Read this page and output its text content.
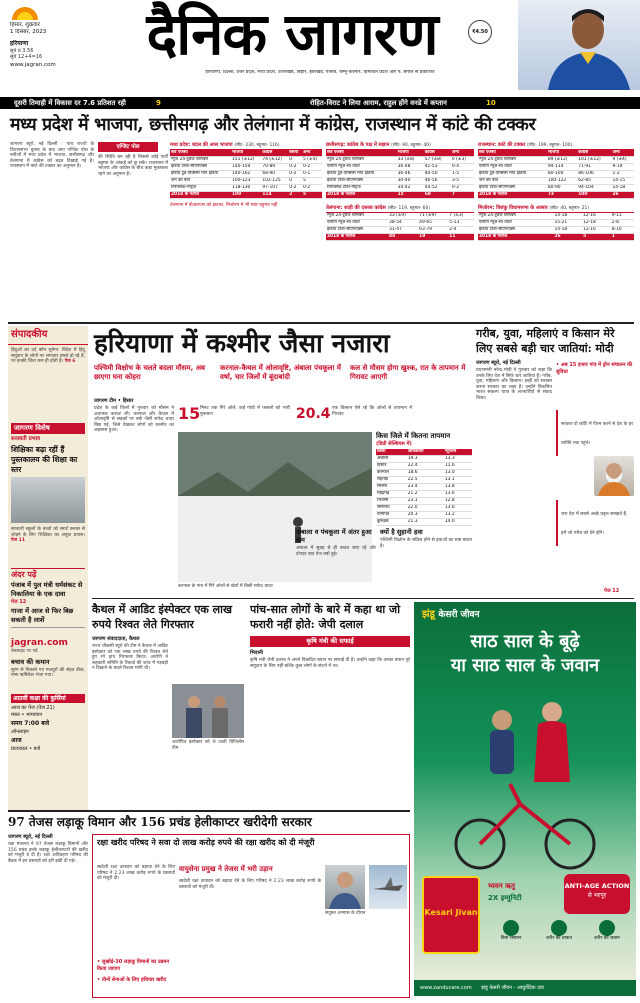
हिसार, शुक्रवार
1 दिसंबर, 2023
हरियाणा
सूर्य प्र 3.56
सूर्य 12+4=16
www.jagran.com	दैनिक जागरण
हरियाणा, दिल्ली, उत्तर प्रदेश, मध्य प्रदेश, उत्तराखंड, बिहार, झारखंड, पंजाब, जम्मू-कश्मीर, हिमाचल प्रदेश और प. बंगाल से प्रकाशित
₹4.50
दूसरी तिमाही में विकास दर 7.6 प्रतिशत रही	9	रोहित-विराट ने लिया आराम, राहुल होंगे वनडे में कप्तान	10
मध्य प्रदेश में भाजपा, छत्तीसगढ़ और तेलंगाना में कांग्रेस, राजस्थान में कांटे की टक्कर
जागरण ब्यूरो, नई दिल्ली : पांच राज्यों के विधानसभा चुनाव के बाद आए एग्जिट पोल के नतीजों में मध्य प्रदेश में भाजपा, छत्तीसगढ़ और तेलंगाना में कांग्रेस को बढ़त दिखाई गई है। राजस्थान में कांटे की टक्कर का अनुमान है।
एग्जिट पोल
की स्थिति बन रही है जिससे कोई पार्टी बहुमत के आंकड़े को छू सके। राजस्थान में भाजपा और कांग्रेस के बीच कड़ा मुकाबला रहने का अनुमान है।
मध्य प्रदेश: बदल की आस भाजपा (सीट- 230, बहुमत- 116)
सर्वे एजेंसी	भाजपा	कांग्रेस	बसपा	अन्य
न्यूज 24-टुडेज चाणक्य	151 (±12)	74 (±12)	0	5 (±4)
इंडिया टीवी-सीएनएक्स	140-159	70-89	0-2	0-2
इंडिया टुडे-एक्सिस माय इंडिया	140-162	68-90	0-2	0-1
जन की बात	100-123	102-125	0	5
रिपब्लिक-मैट्रिज	118-130	97-107	0-2	0-2
2018 के नतीजे	109	114	2	5
तेलंगाना में बीआरएस को झटका, मिजोरम में भी स्पष्ट बहुमत नहीं
छत्तीसगढ़: कांग्रेस के पक्ष में रुझान (सीट- 90, बहुमत- 46)
सर्वे एजेंसी	भाजपा	कांग्रेस	अन्य
न्यूज 24-टुडेज चाणक्य	33 (±8)	57 (±8)	0 (±3)
एबीपी न्यूज-सी वोटर	36-48	41-53	0-4
इंडिया टुडे-एक्सिस माय इंडिया	36-46	40-50	1-5
इंडिया टीवी-सीएनएक्स	30-40	46-56	3-5
रिपब्लिक टीवी-मैट्रिज	34-42	44-52	0-2
2018 के नतीजे	15	68	7
तेलंगाना: शाही की दस्तक कांग्रेस (सीट- 119, बहुमत- 60)
न्यूज 24-टुडेज चाणक्य	33 (±9)	71 (±9)	7 (±3)
एबीपी न्यूज-सी वोटर	38-54	49-65	5-13
इंडिया टीवी-सीएनएक्स	31-47	63-79	2-4
2018 के नतीजे	88	19	11
राजस्थान: कांटे की टक्कर (सीट- 199, बहुमत- 100)
सर्वे एजेंसी	भाजपा	कांग्रेस	अन्य
न्यूज 24-टुडेज चाणक्य	89 (±12)	101 (±12)	9 (±4)
एबीपी न्यूज-सी वोटर	94-114	71-91	9-19
इंडिया टुडे-एक्सिस माय इंडिया	80-100	86-106	1-2
जन की बात	100-122	62-85	14-15
इंडिया टीवी-सीएनएक्स	80-90	94-104	14-18
2018 के नतीजे	73	100	26
मिजोरम: त्रिशंकु विधानसभा के आसार (सीट- 40, बहुमत- 21)
न्यूज 24-टुडेज चाणक्य	14-18	12-16	9-11
एबीपी न्यूज-सी वोटर	15-21	12-18	2-8
इंडिया टीवी-सीएनएक्स	14-18	12-16	8-10
2018 के नतीजे	26	5	1
संपादकीय
हिंदुओं का दर्द कौन सुनेगा: विदेश में हिंदू समुदाय के लोगों पर लगातार हमले हो रहे हैं, पर इनकी चिंता कम ही होती है। पेज 6
जागरण विशेष
सरस्वती प्रभाव
शिक्षिका बढ़ा रहीं हैं पुस्तकालय की शिक्षा का स्तर
सरकारी स्कूलों के बच्चों को स्मार्ट क्लास से जोड़ने के लिए शिक्षिका का अनूठा प्रयास। पेज 11
अंदर पढ़ें
पंजाब में पुल मंत्री धर्मसंकट से निकालिया के एक दावा
पेज 12
गाजा में आज से फिर बिछ सकती है लाशें
jagran.com
वेबसाइट पर पढ़ें
बचाव की कमान
सुरंग से निकाले गए मजदूरों की सेहत ठीक, एम्स ऋषिकेश भेजा गया।
आठवीं कक्षा की कुर्सियां
आज का पेज (पेज 21)
मकर • भाग्यवान
समय 7:00 बजे
ऑनलाइन
आज
प्रातःकाल • बजे
हरियाणा में कश्मीर जैसा नजारा
पश्चिमी विक्षोभ के चलते बदला मौसम, अब छाएगा घना कोहरा
करनाल-कैथल में ओलावृष्टि, अंबाला पंचकूला में वर्षा, चार जिलों में बूंदाबांदी
कल से मौसम होगा खुश्क, रात के तापमान में गिरावट आएगी
जागरण टीम • हिसार
प्रदेश के कई जिलों में गुरुवार को मौसम ने अचानक करवट ली। करनाल और कैथल में ओलावृष्टि से सड़कों पर बर्फ जैसी सफेद चादर बिछ गई, जिसे देखकर लोगों को कश्मीर का अहसास हुआ।
15 मिनट तक गिरे ओले, कई गांवों में फसलों को भारी नुकसान	20.4 एक किसान ऐसे रहे कि ओलों से तापमान में गिरावट
करनाल के गांव में गिरे ओलों से खेतों में बिछी सफेद चादर
किस जिले में कितना तापमान
(डिग्री सेल्सियस में)
जिला	अधिकतम	न्यूनतम
अंबाला	19.3	13.3
हिसार	22.4	11.6
करनाल	18.6	13.0
रोहतक	22.5	13.1
सिरसा	23.4	13.8
महेंद्रगढ़	21.2	13.6
भिवानी	23.1	12.8
सोनीपत	22.0	13.6
पानीपत	20.3	13.2
कुरुक्षेत्र	21.3	14.0
अंबाला व पंचकूला में अंतर हुआ कम
अंबाला में सुबह से ही बादल छाए रहे और दोपहर बाद तेज वर्षा हुई।
क्यों है सुहानी हवा
पश्चिमी विक्षोभ के सक्रिय होने से हवाओं का रुख बदला है।
गरीब, युवा, महिलाएं व किसान मेरे लिए सबसे बड़ी चार जातियां: मोदी
जागरण ब्यूरो, नई दिल्ली
प्रधानमंत्री नरेन्द्र मोदी ने गुरुवार को कहा कि उनके लिए देश में सिर्फ चार जातियां हैं। गरीब, युवा, महिलाएं और किसान। इन्हीं को सशक्त करना सरकार का लक्ष्य है। उन्होंने विकसित भारत संकल्प यात्रा के लाभार्थियों से संवाद किया।
• अब 15 हजार गांव में ड्रोन संचालन की सुविधा
सरकार दो कोटि में पेंशन करने से देश के हर व्यक्ति तक पहुंचे।
जरा देश में सबसे अच्छे प्रवृत्त समझते हैं, हमें जो गरीब को देने होंगे।
पेज 12
कैथल में आडिट इंस्पेक्टर एक लाख रुपये रिश्वत लेते गिरफ्तार
जागरण संवाददाता, कैथल
राज्य चौकसी ब्यूरो की टीम ने कैथल में आडिट इंस्पेक्टर को एक लाख रुपये की रिश्वत लेते हुए रंगे हाथ गिरफ्तार किया। आरोपी ने सहकारी समिति के रिकार्ड की जांच में गड़बड़ी न दिखाने के बदले रिश्वत मांगी थी।
आरोपित इंस्पेक्टर को ले जाती विजिलेंस टीम
पांच-सात लोगों के बारे में कहा था जो फरारी नहीं होते: जेपी दलाल
कृषि मंत्री की सफाई
भिवानी
कृषि मंत्री जेपी दलाल ने अपने विवादित बयान पर सफाई दी है। उन्होंने कहा कि उनका बयान पूरे समुदाय के लिए नहीं बल्कि कुछ लोगों के संदर्भ में था।
झंडू केसरी जीवन
साठ साल के बूढ़े
या साठ साल के जवान
Kesari Jivan
च्यवन ऋतु
2X इम्युनिटी
ANTI-AGE ACTION
से भरपूर
बिना रसायन	शरीर की ताकत	शरीर को जवान
www.zanducare.com झंडू केसरी जीवन - आयुर्वेदिक दवा
97 तेजस लड़ाकू विमान और 156 प्रचंड हेलीकाप्टर खरीदेगी सरकार
जागरण ब्यूरो, नई दिल्ली
रक्षा मंत्रालय ने 97 तेजस लड़ाकू विमानों और 156 प्रचंड हल्के लड़ाकू हेलीकाप्टरों की खरीद को मंजूरी दे दी है। रक्षा अधिग्रहण परिषद की बैठक में इन प्रस्तावों को हरी झंडी दी गई।
रक्षा खरीद परिषद ने सवा दो लाख करोड़ रुपये की रक्षा खरीद को दी मंजूरी
वायुसेना प्रमुख ने तेजस में भरी उड़ान
स्वदेशी रक्षा उत्पादन को बढ़ावा देने के लिए परिषद ने 2.23 लाख करोड़ रुपये के प्रस्तावों को मंजूरी दी।
• सुखोई-30 लड़ाकू विमानों का उन्नयन किया जाएगा
• तीनों सेनाओं के लिए हथियार खरीद
संयुक्त अभ्यास के दौरान
स्वदेशी रक्षा उत्पादन को बढ़ावा देने के लिए परिषद ने 2.23 लाख करोड़ रुपये के प्रस्तावों को मंजूरी दी।
